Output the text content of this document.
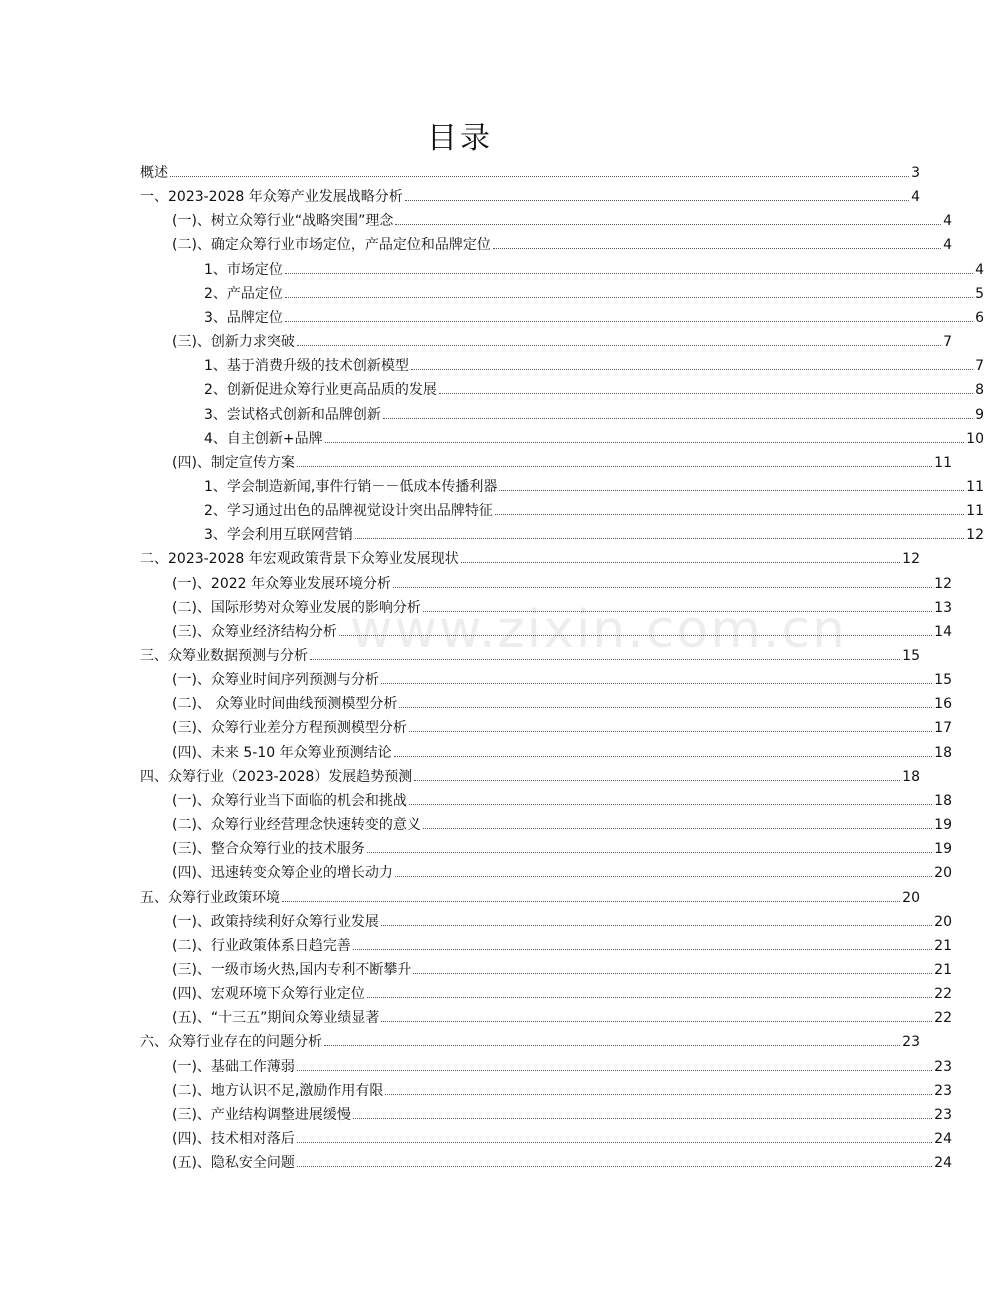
目录
概述	3
一、2023-2028 年众筹产业发展战略分析	4
(一)、树立众筹行业“战略突围”理念	4
(二)、确定众筹行业市场定位，产品定位和品牌定位	4
1、市场定位	4
2、产品定位	5
3、品牌定位	6
(三)、创新力求突破	7
1、基于消费升级的技术创新模型	7
2、创新促进众筹行业更高品质的发展	8
3、尝试格式创新和品牌创新	9
4、自主创新+品牌	10
(四)、制定宣传方案	11
1、学会制造新闻,事件行销－－低成本传播利器	11
2、学习通过出色的品牌视觉设计突出品牌特征	11
3、学会利用互联网营销	12
二、2023-2028 年宏观政策背景下众筹业发展现状	12
(一)、2022 年众筹业发展环境分析	12
(二)、国际形势对众筹业发展的影响分析	13
(三)、众筹业经济结构分析	14
三、众筹业数据预测与分析	15
(一)、众筹业时间序列预测与分析	15
(二)、 众筹业时间曲线预测模型分析	16
(三)、众筹行业差分方程预测模型分析	17
(四)、未来 5-10 年众筹业预测结论	18
四、众筹行业（2023-2028）发展趋势预测	18
(一)、众筹行业当下面临的机会和挑战	18
(二)、众筹行业经营理念快速转变的意义	19
(三)、整合众筹行业的技术服务	19
(四)、迅速转变众筹企业的增长动力	20
五、众筹行业政策环境	20
(一)、政策持续利好众筹行业发展	20
(二)、行业政策体系日趋完善	21
(三)、一级市场火热,国内专利不断攀升	21
(四)、宏观环境下众筹行业定位	22
(五)、“十三五”期间众筹业绩显著	22
六、众筹行业存在的问题分析	23
(一)、基础工作薄弱	23
(二)、地方认识不足,激励作用有限	23
(三)、产业结构调整进展缓慢	23
(四)、技术相对落后	24
(五)、隐私安全问题	24
www.zixin.com.cn
